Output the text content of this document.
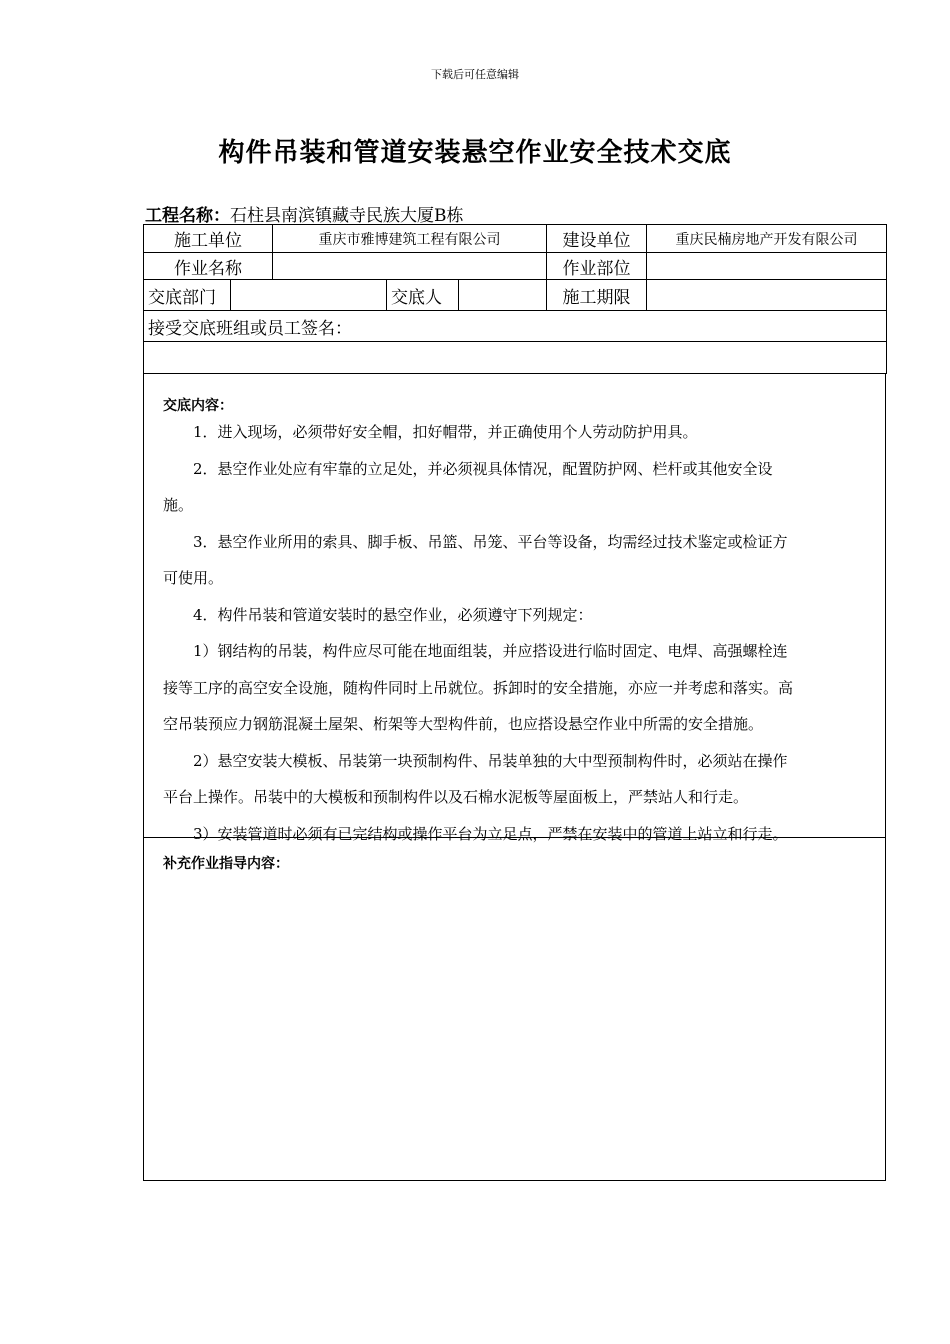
下载后可任意编辑
构件吊装和管道安装悬空作业安全技术交底
工程名称：石柱县南滨镇藏寺民族大厦B栋
施工单位		重庆市雅博建筑工程有限公司			建设单位	重庆民楠房地产开发有限公司
作业名称					作业部位	
交底部门			交底人		施工期限	
接受交底班组或员工签名：						

交底内容：

1．进入现场，必须带好安全帽，扣好帽带，并正确使用个人劳动防护用具。

2．悬空作业处应有牢靠的立足处，并必须视具体情况，配置防护网、栏杆或其他安全设

施。

3．悬空作业所用的索具、脚手板、吊篮、吊笼、平台等设备，均需经过技术鉴定或检证方

可使用。

4．构件吊装和管道安装时的悬空作业，必须遵守下列规定：

1）钢结构的吊装，构件应尽可能在地面组装，并应搭设进行临时固定、电焊、高强螺栓连

接等工序的高空安全设施，随构件同时上吊就位。拆卸时的安全措施，亦应一并考虑和落实。高

空吊装预应力钢筋混凝土屋架、桁架等大型构件前，也应搭设悬空作业中所需的安全措施。

2）悬空安装大模板、吊装第一块预制构件、吊装单独的大中型预制构件时，必须站在操作

平台上操作。吊装中的大模板和预制构件以及石棉水泥板等屋面板上，严禁站人和行走。

3）安装管道时必须有已完结构或操作平台为立足点，严禁在安装中的管道上站立和行走。

补充作业指导内容：
